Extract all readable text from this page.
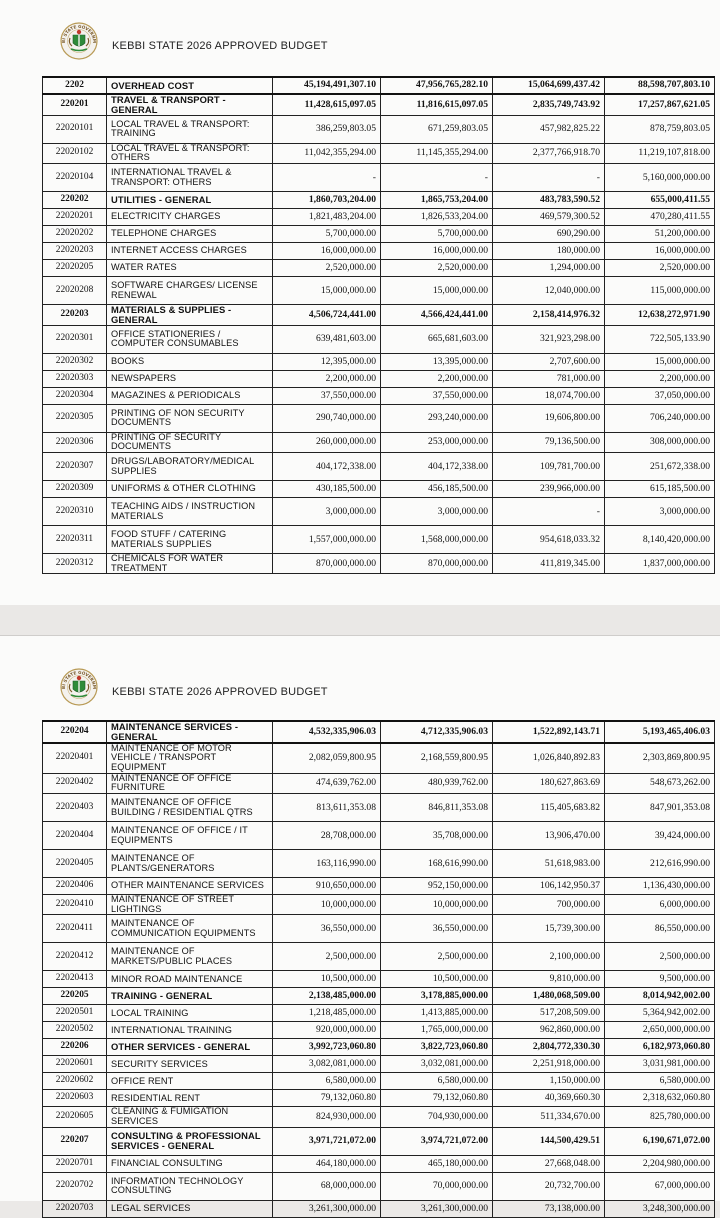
BI STATE GOVERNM KEBBI STATE 2026 APPROVED BUDGET
2202	OVERHEAD COST	45,194,491,307.10	47,956,765,282.10	15,064,699,437.42	88,598,707,803.10
220201	TRAVEL & TRANSPORT - GENERAL	11,428,615,097.05	11,816,615,097.05	2,835,749,743.92	17,257,867,621.05
22020101	LOCAL TRAVEL & TRANSPORT: TRAINING	386,259,803.05	671,259,803.05	457,982,825.22	878,759,803.05
22020102	LOCAL TRAVEL & TRANSPORT: OTHERS	11,042,355,294.00	11,145,355,294.00	2,377,766,918.70	11,219,107,818.00
22020104	INTERNATIONAL TRAVEL & TRANSPORT: OTHERS	-	-	-	5,160,000,000.00
220202	UTILITIES - GENERAL	1,860,703,204.00	1,865,753,204.00	483,783,590.52	655,000,411.55
22020201	ELECTRICITY CHARGES	1,821,483,204.00	1,826,533,204.00	469,579,300.52	470,280,411.55
22020202	TELEPHONE CHARGES	5,700,000.00	5,700,000.00	690,290.00	51,200,000.00
22020203	INTERNET ACCESS CHARGES	16,000,000.00	16,000,000.00	180,000.00	16,000,000.00
22020205	WATER RATES	2,520,000.00	2,520,000.00	1,294,000.00	2,520,000.00
22020208	SOFTWARE CHARGES/ LICENSE RENEWAL	15,000,000.00	15,000,000.00	12,040,000.00	115,000,000.00
220203	MATERIALS & SUPPLIES - GENERAL	4,506,724,441.00	4,566,424,441.00	2,158,414,976.32	12,638,272,971.90
22020301	OFFICE STATIONERIES / COMPUTER CONSUMABLES	639,481,603.00	665,681,603.00	321,923,298.00	722,505,133.90
22020302	BOOKS	12,395,000.00	13,395,000.00	2,707,600.00	15,000,000.00
22020303	NEWSPAPERS	2,200,000.00	2,200,000.00	781,000.00	2,200,000.00
22020304	MAGAZINES & PERIODICALS	37,550,000.00	37,550,000.00	18,074,700.00	37,050,000.00
22020305	PRINTING OF NON SECURITY DOCUMENTS	290,740,000.00	293,240,000.00	19,606,800.00	706,240,000.00
22020306	PRINTING OF SECURITY DOCUMENTS	260,000,000.00	253,000,000.00	79,136,500.00	308,000,000.00
22020307	DRUGS/LABORATORY/MEDICAL SUPPLIES	404,172,338.00	404,172,338.00	109,781,700.00	251,672,338.00
22020309	UNIFORMS & OTHER CLOTHING	430,185,500.00	456,185,500.00	239,966,000.00	615,185,500.00
22020310	TEACHING AIDS / INSTRUCTION MATERIALS	3,000,000.00	3,000,000.00	-	3,000,000.00
22020311	FOOD STUFF / CATERING MATERIALS SUPPLIES	1,557,000,000.00	1,568,000,000.00	954,618,033.32	8,140,420,000.00
22020312	CHEMICALS FOR WATER TREATMENT	870,000,000.00	870,000,000.00	411,819,345.00	1,837,000,000.00
BI STATE GOVERNM KEBBI STATE 2026 APPROVED BUDGET
220204	MAINTENANCE SERVICES - GENERAL	4,532,335,906.03	4,712,335,906.03	1,522,892,143.71	5,193,465,406.03
22020401	MAINTENANCE OF MOTOR VEHICLE / TRANSPORT EQUIPMENT	2,082,059,800.95	2,168,559,800.95	1,026,840,892.83	2,303,869,800.95
22020402	MAINTENANCE OF OFFICE FURNITURE	474,639,762.00	480,939,762.00	180,627,863.69	548,673,262.00
22020403	MAINTENANCE OF OFFICE BUILDING / RESIDENTIAL QTRS	813,611,353.08	846,811,353.08	115,405,683.82	847,901,353.08
22020404	MAINTENANCE OF OFFICE / IT EQUIPMENTS	28,708,000.00	35,708,000.00	13,906,470.00	39,424,000.00
22020405	MAINTENANCE OF PLANTS/GENERATORS	163,116,990.00	168,616,990.00	51,618,983.00	212,616,990.00
22020406	OTHER MAINTENANCE SERVICES	910,650,000.00	952,150,000.00	106,142,950.37	1,136,430,000.00
22020410	MAINTENANCE OF STREET LIGHTINGS	10,000,000.00	10,000,000.00	700,000.00	6,000,000.00
22020411	MAINTENANCE OF COMMUNICATION EQUIPMENTS	36,550,000.00	36,550,000.00	15,739,300.00	86,550,000.00
22020412	MAINTENANCE OF MARKETS/PUBLIC PLACES	2,500,000.00	2,500,000.00	2,100,000.00	2,500,000.00
22020413	MINOR ROAD MAINTENANCE	10,500,000.00	10,500,000.00	9,810,000.00	9,500,000.00
220205	TRAINING - GENERAL	2,138,485,000.00	3,178,885,000.00	1,480,068,509.00	8,014,942,002.00
22020501	LOCAL TRAINING	1,218,485,000.00	1,413,885,000.00	517,208,509.00	5,364,942,002.00
22020502	INTERNATIONAL TRAINING	920,000,000.00	1,765,000,000.00	962,860,000.00	2,650,000,000.00
220206	OTHER SERVICES - GENERAL	3,992,723,060.80	3,822,723,060.80	2,804,772,330.30	6,182,973,060.80
22020601	SECURITY SERVICES	3,082,081,000.00	3,032,081,000.00	2,251,918,000.00	3,031,981,000.00
22020602	OFFICE RENT	6,580,000.00	6,580,000.00	1,150,000.00	6,580,000.00
22020603	RESIDENTIAL RENT	79,132,060.80	79,132,060.80	40,369,660.30	2,318,632,060.80
22020605	CLEANING & FUMIGATION SERVICES	824,930,000.00	704,930,000.00	511,334,670.00	825,780,000.00
220207	CONSULTING & PROFESSIONAL SERVICES - GENERAL	3,971,721,072.00	3,974,721,072.00	144,500,429.51	6,190,671,072.00
22020701	FINANCIAL CONSULTING	464,180,000.00	465,180,000.00	27,668,048.00	2,204,980,000.00
22020702	INFORMATION TECHNOLOGY CONSULTING	68,000,000.00	70,000,000.00	20,732,700.00	67,000,000.00
22020703	LEGAL SERVICES	3,261,300,000.00	3,261,300,000.00	73,138,000.00	3,248,300,000.00
